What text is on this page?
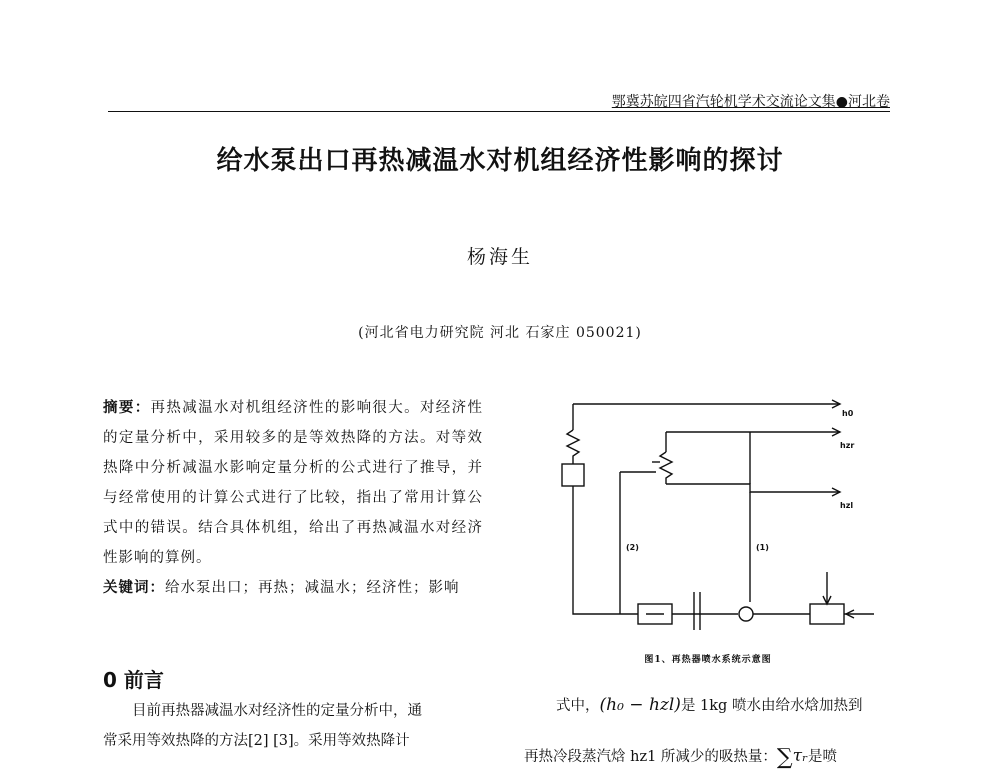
鄂冀苏皖四省汽轮机学术交流论文集●河北卷
给水泵出口再热减温水对机组经济性影响的探讨
杨海生
(河北省电力研究院 河北 石家庄 050021)
摘要：再热减温水对机组经济性的影响很大。对经济性的定量分析中，采用较多的是等效热降的方法。对等效热降中分析减温水影响定量分析的公式进行了推导，并与经常使用的计算公式进行了比较，指出了常用计算公式中的错误。结合具体机组，给出了再热减温水对经济性影响的算例。
关键词：给水泵出口；再热；减温水；经济性；影响
0 前言
目前再热器减温水对经济性的定量分析中，通
常采用等效热降的方法[2] [3]。采用等效热降计
h0
hzr
hzl
(1)
(2)
图1、再热器喷水系统示意图
式中，(h₀ − hzl)是 1kg 喷水由给水焓加热到
再热冷段蒸汽焓 hz1 所减少的吸热量：∑τᵣ是喷
